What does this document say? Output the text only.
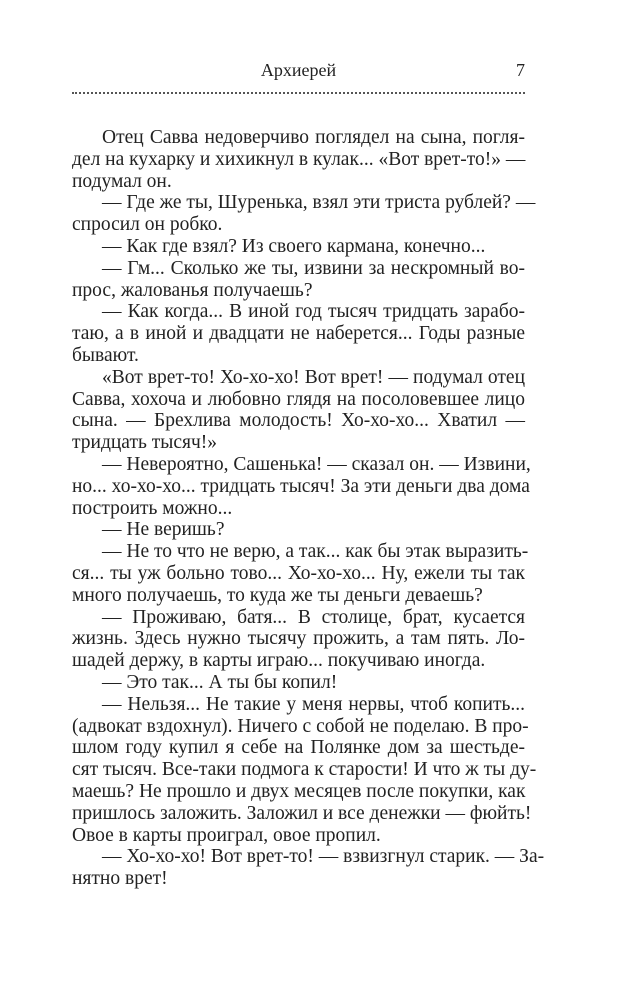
Архиерей	7
Отец Савва недоверчиво поглядел на сына, погля-
дел на кухарку и хихикнул в кулак... «Вот врет-то!» —
подумал он.
— Где же ты, Шуренька, взял эти триста рублей? —
спросил он робко.
— Как где взял? Из своего кармана, конечно...
— Гм... Сколько же ты, извини за нескромный во-
прос, жалованья получаешь?
— Как когда... В иной год тысяч тридцать зарабо-
таю, а в иной и двадцати не наберется... Годы разные
бывают.
«Вот врет-то! Хо-хо-хо! Вот врет! — подумал отец
Савва, хохоча и любовно глядя на посоловевшее лицо
сына. — Брехлива молодость! Хо-хо-хо... Хватил —
тридцать тысяч!»
— Невероятно, Сашенька! — сказал он. — Извини,
но... хо-хо-хо... тридцать тысяч! За эти деньги два дома
построить можно...
— Не веришь?
— Не то что не верю, а так... как бы этак выразить-
ся... ты уж больно тово... Хо-хо-хо... Ну, ежели ты так
много получаешь, то куда же ты деньги деваешь?
— Проживаю, батя... В столице, брат, кусается
жизнь. Здесь нужно тысячу прожить, а там пять. Ло-
шадей держу, в карты играю... покучиваю иногда.
— Это так... А ты бы копил!
— Нельзя... Не такие у меня нервы, чтоб копить...
(адвокат вздохнул). Ничего с собой не поделаю. В про-
шлом году купил я себе на Полянке дом за шестьде-
сят тысяч. Все-таки подмога к старости! И что ж ты ду-
маешь? Не прошло и двух месяцев после покупки, как
пришлось заложить. Заложил и все денежки — фюйть!
Овое в карты проиграл, овое пропил.
— Хо-хо-хо! Вот врет-то! — взвизгнул старик. — За-
нятно врет!
